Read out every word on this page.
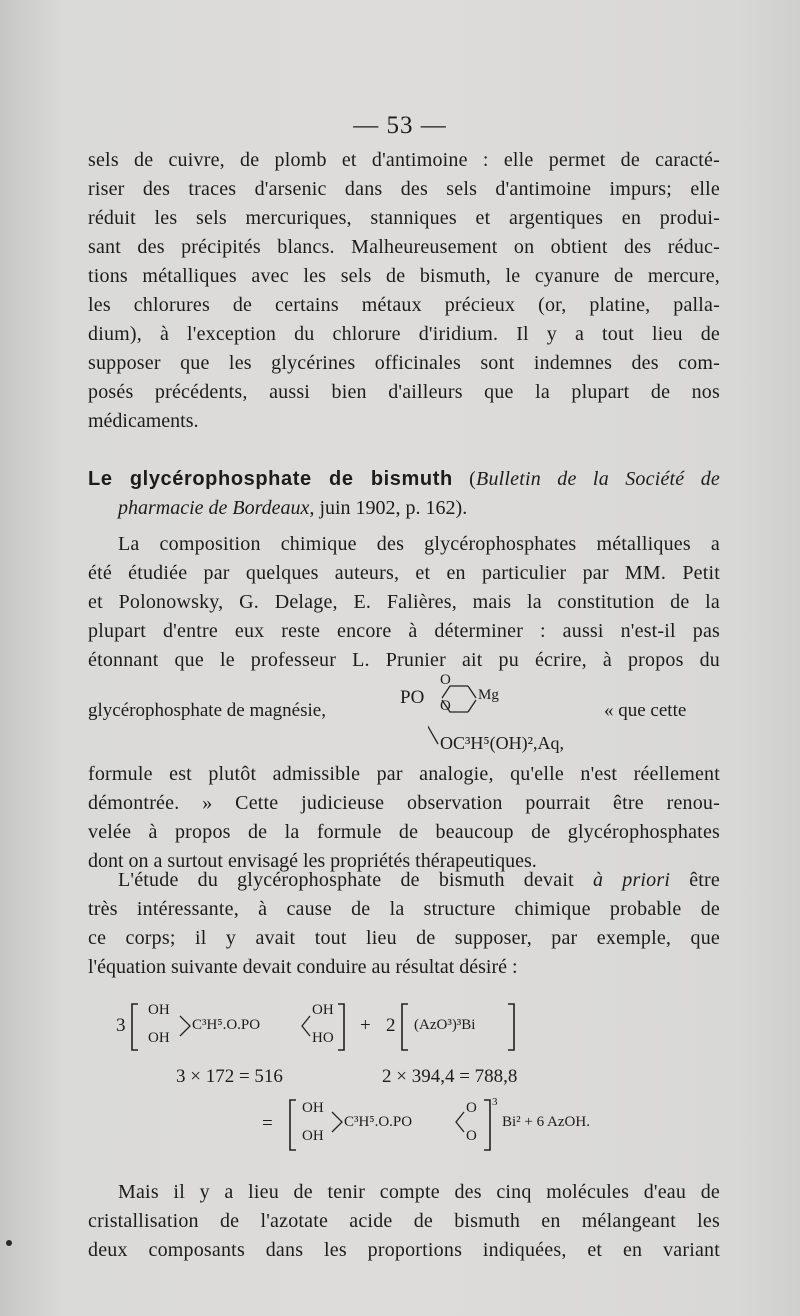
— 53 —

sels de cuivre, de plomb et d'antimoine : elle permet de caracté-

riser des traces d'arsenic dans des sels d'antimoine impurs; elle

réduit les sels mercuriques, stanniques et argentiques en produi-

sant des précipités blancs. Malheureusement on obtient des réduc-

tions métalliques avec les sels de bismuth, le cyanure de mercure,

les chlorures de certains métaux précieux (or, platine, palla-

dium), à l'exception du chlorure d'iridium. Il y a tout lieu de

supposer que les glycérines officinales sont indemnes des com-

posés précédents, aussi bien d'ailleurs que la plupart de nos

médicaments.

Le glycérophosphate de bismuth (Bulletin de la Société de

pharmacie de Bordeaux, juin 1902, p. 162).

La composition chimique des glycérophosphates métalliques a

été étudiée par quelques auteurs, et en particulier par MM. Petit

et Polonowsky, G. Delage, E. Falières, mais la constitution de la

plupart d'entre eux reste encore à déterminer : aussi n'est-il pas

étonnant que le professeur L. Prunier ait pu écrire, à propos du

glycérophosphate de magnésie,
PO
O
O
Mg
OC³H⁵(OH)²,Aq,
« que cette

formule est plutôt admissible par analogie, qu'elle n'est réellement

démontrée. » Cette judicieuse observation pourrait être renou-

velée à propos de la formule de beaucoup de glycérophosphates

dont on a surtout envisagé les propriétés thérapeutiques.

L'étude du glycérophosphate de bismuth devait à priori être

très intéressante, à cause de la structure chimique probable de

ce corps; il y avait tout lieu de supposer, par exemple, que

l'équation suivante devait conduire au résultat désiré :

3
OH
OH
C³H⁵.O.PO
OH
HO
+ 2 (AzO³)³Bi
3 × 172 = 516	2 × 394,4 = 788,8
=
OH
OH
C³H⁵.O.PO
O
O
3
Bi² + 6 AzOH.

Mais il y a lieu de tenir compte des cinq molécules d'eau de

cristallisation de l'azotate acide de bismuth en mélangeant les

deux composants dans les proportions indiquées, et en variant
